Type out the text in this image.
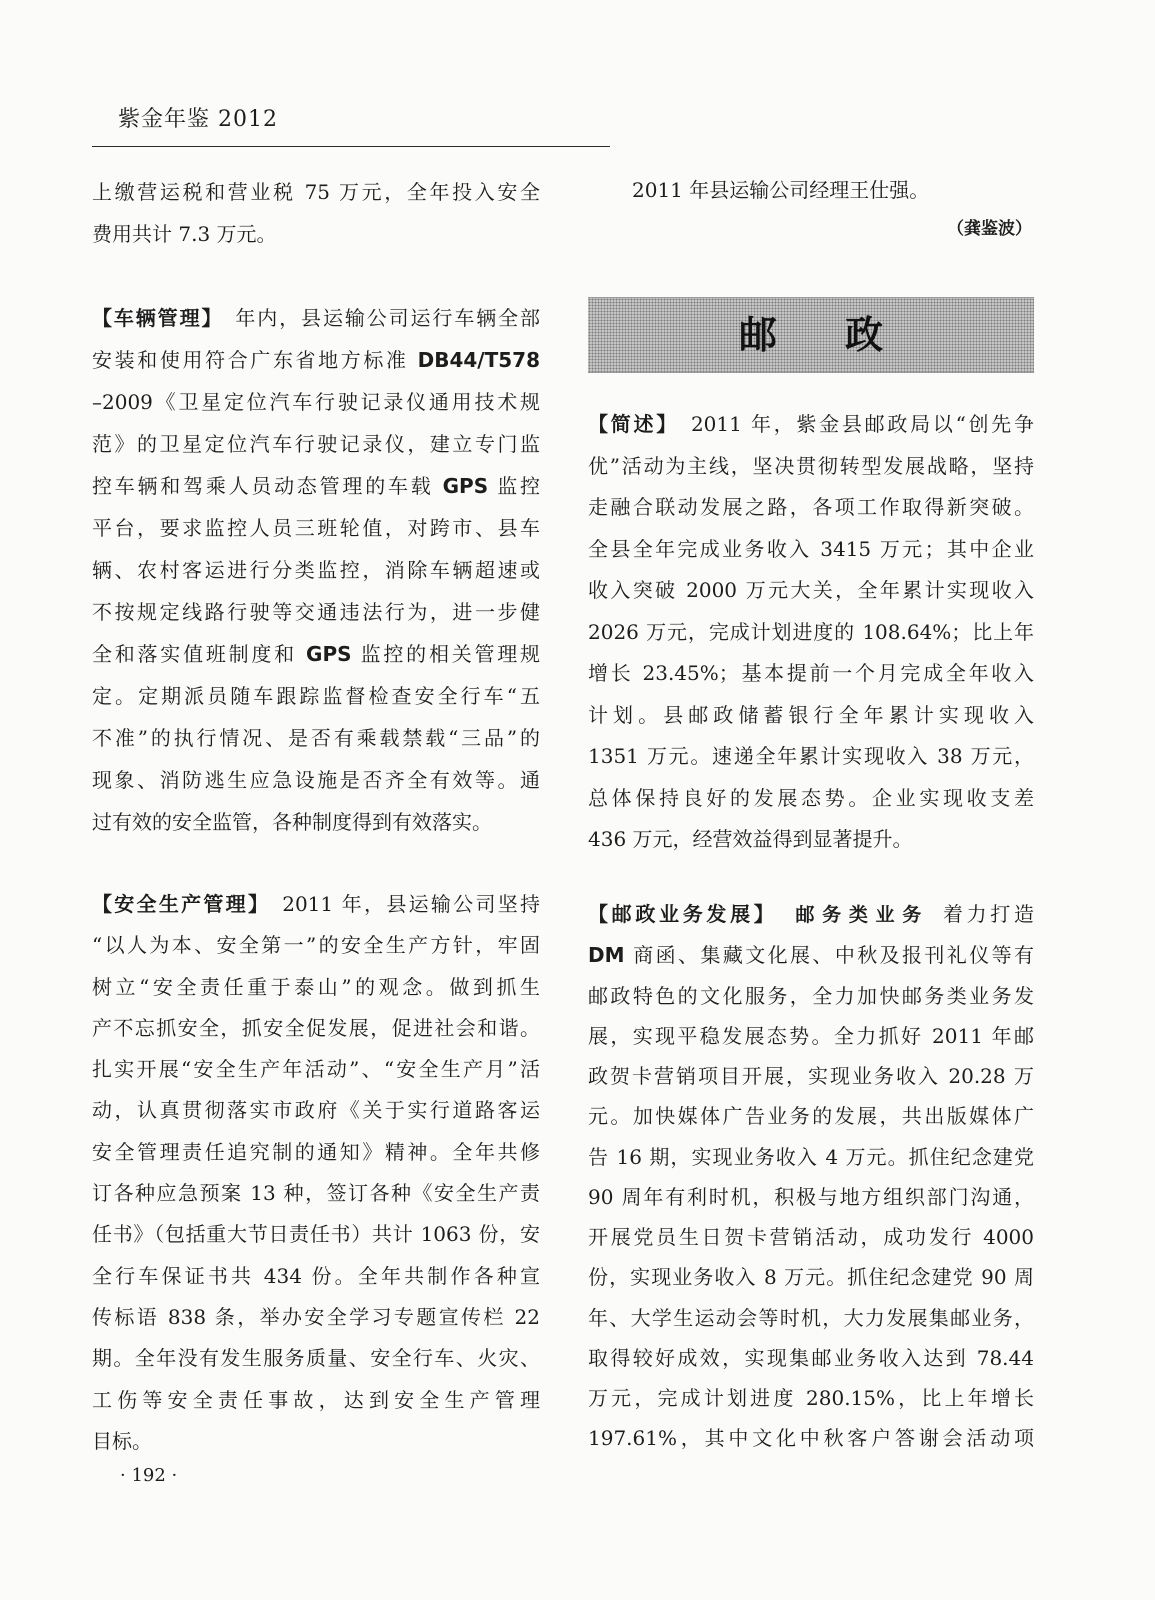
紫金年鉴 2012
上缴营运税和营业税 75 万元，全年投入安全
费用共计 7.3 万元。
【车辆管理】 年内，县运输公司运行车辆全部
安装和使用符合广东省地方标准 DB44/T578
–2009《卫星定位汽车行驶记录仪通用技术规
范》的卫星定位汽车行驶记录仪，建立专门监
控车辆和驾乘人员动态管理的车载 GPS 监控
平台，要求监控人员三班轮值，对跨市、县车
辆、农村客运进行分类监控，消除车辆超速或
不按规定线路行驶等交通违法行为，进一步健
全和落实值班制度和 GPS 监控的相关管理规
定。定期派员随车跟踪监督检查安全行车“五
不准”的执行情况、是否有乘载禁载“三品”的
现象、消防逃生应急设施是否齐全有效等。通
过有效的安全监管，各种制度得到有效落实。
【安全生产管理】 2011 年，县运输公司坚持
“以人为本、安全第一”的安全生产方针，牢固
树立“安全责任重于泰山”的观念。做到抓生
产不忘抓安全，抓安全促发展，促进社会和谐。
扎实开展“安全生产年活动”、“安全生产月”活
动，认真贯彻落实市政府《关于实行道路客运
安全管理责任追究制的通知》精神。全年共修
订各种应急预案 13 种，签订各种《安全生产责
任书》（包括重大节日责任书）共计 1063 份，安
全行车保证书共 434 份。全年共制作各种宣
传标语 838 条，举办安全学习专题宣传栏 22
期。全年没有发生服务质量、安全行车、火灾、
工伤等安全责任事故，达到安全生产管理
目标。
· 192 ·
2011 年县运输公司经理王仕强。
（龚鉴波）
邮 政
【简述】 2011 年，紫金县邮政局以“创先争
优”活动为主线，坚决贯彻转型发展战略，坚持
走融合联动发展之路，各项工作取得新突破。
全县全年完成业务收入 3415 万元；其中企业
收入突破 2000 万元大关，全年累计实现收入
2026 万元，完成计划进度的 108.64%；比上年
增长 23.45%；基本提前一个月完成全年收入
计划。县邮政储蓄银行全年累计实现收入
1351 万元。速递全年累计实现收入 38 万元，
总体保持良好的发展态势。企业实现收支差
436 万元，经营效益得到显著提升。
【邮政业务发展】 邮务类业务 着力打造
DM 商函、集藏文化展、中秋及报刊礼仪等有
邮政特色的文化服务，全力加快邮务类业务发
展，实现平稳发展态势。全力抓好 2011 年邮
政贺卡营销项目开展，实现业务收入 20.28 万
元。加快媒体广告业务的发展，共出版媒体广
告 16 期，实现业务收入 4 万元。抓住纪念建党
90 周年有利时机，积极与地方组织部门沟通，
开展党员生日贺卡营销活动，成功发行 4000
份，实现业务收入 8 万元。抓住纪念建党 90 周
年、大学生运动会等时机，大力发展集邮业务，
取得较好成效，实现集邮业务收入达到 78.44
万元，完成计划进度 280.15%，比上年增长
197.61%，其中文化中秋客户答谢会活动项
